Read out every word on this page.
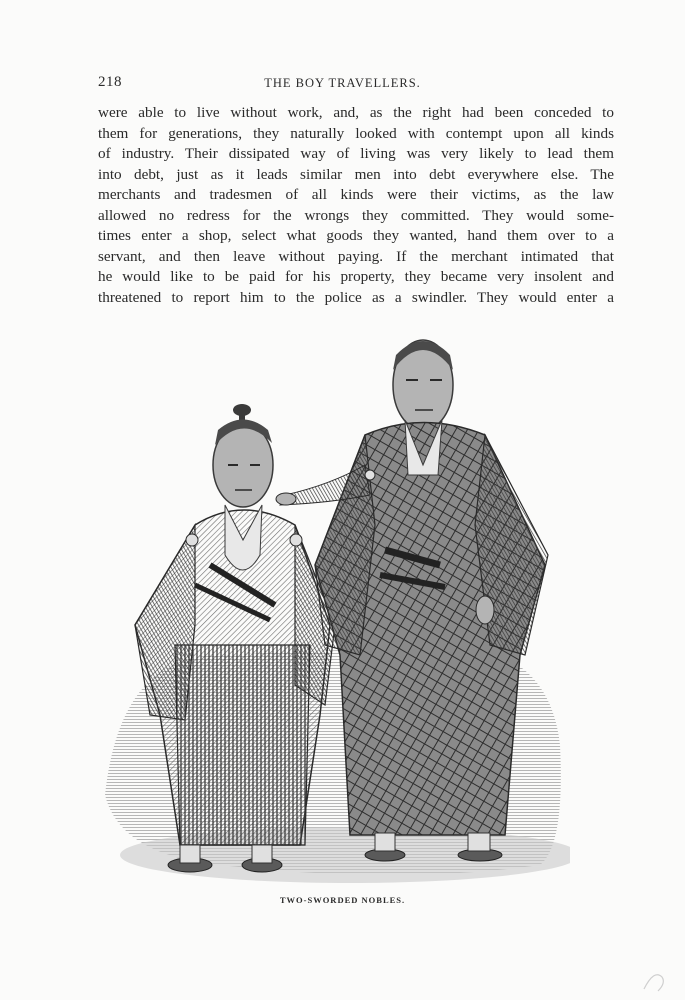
218	THE BOY TRAVELLERS.
were able to live without work, and, as the right had been conceded to
them for generations, they naturally looked with contempt upon all kinds
of industry. Their dissipated way of living was very likely to lead them
into debt, just as it leads similar men into debt everywhere else. The
merchants and tradesmen of all kinds were their victims, as the law
allowed no redress for the wrongs they committed. They would some-
times enter a shop, select what goods they wanted, hand them over to a
servant, and then leave without paying. If the merchant intimated that
he would like to be paid for his property, they became very insolent and
threatened to report him to the police as a swindler. They would enter a
TWO-SWORDED NOBLES.
